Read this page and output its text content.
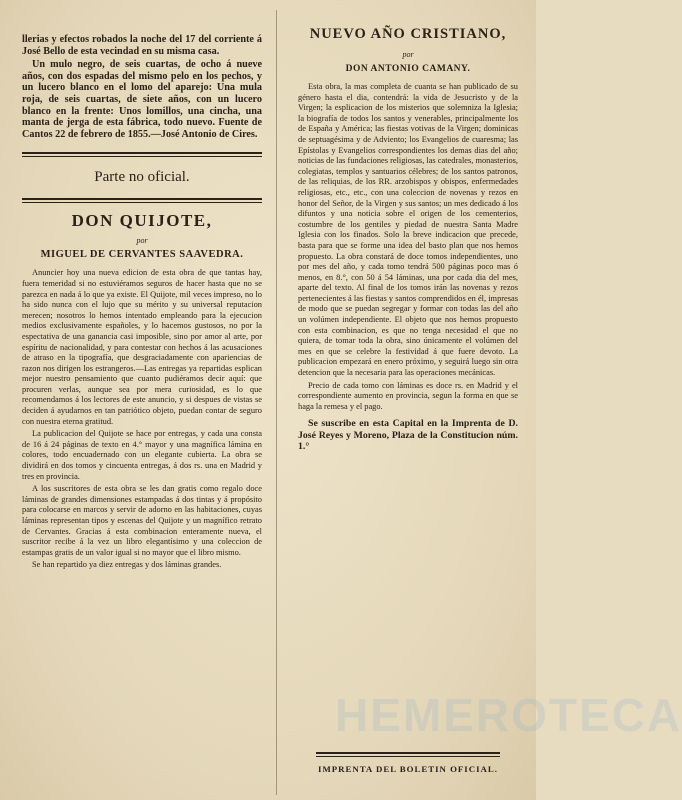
llerias y efectos robados la noche del 17 del corriente á José Bello de esta vecindad en su misma casa.

Un mulo negro, de seis cuartas, de ocho á nueve años, con dos espadas del mismo pelo en los pechos, y un lucero blanco en el lomo del aparejo: Una mula roja, de seis cuartas, de siete años, con un lucero blanco en la frente: Unos lomillos, una cincha, una manta de jerga de esta fábrica, todo nuevo. Fuente de Cantos 22 de febrero de 1855.—José Antonio de Cires.

Parte no oficial.

DON QUIJOTE,

por

MIGUEL DE CERVANTES SAAVEDRA.

Anuncier hoy una nueva edicion de esta obra de que tantas hay, fuera temeridad si no estuviéramos seguros de hacer hasta que no se parezca en nada á lo que ya existe. El Quijote, mil veces impreso, no lo ha sido nunca con el lujo que su mérito y su universal reputacion merecen; nosotros lo hemos intentado empleando para la ejecucion medios exclusivamente españoles, y lo hacemos gustosos, no por la espectativa de una ganancia casi imposible, sino por amor al arte, por espíritu de nacionalidad, y para contestar con hechos á las acusaciones de atraso en la tipografía, que desgraciadamente con apariencias de razon nos dirigen los estrangeros.—Las entregas ya repartidas esplican mejor nuestro pensamiento que cuanto pudiéramos decir aquí: que procuren verlas, aunque sea por mera curiosidad, es lo que recomendamos á los lectores de este anuncio, y si despues de vistas se deciden á ayudarnos en tan patriótico objeto, puedan contar de seguro con nuestra eterna gratitud.

La publicacion del Quijote se hace por entregas, y cada una consta de 16 á 24 páginas de texto en 4.° mayor y una magnífica lámina en colores, todo encuadernado con un elegante cubierta. La obra se dividirá en dos tomos y cincuenta entregas, á dos rs. una en Madrid y tres en provincia.

A los suscritores de esta obra se les dan gratis como regalo doce láminas de grandes dimensiones estampadas á dos tintas y á propósito para colocarse en marcos y servir de adorno en las habitaciones, cuyas láminas representan tipos y escenas del Quijote y un magnífico retrato de Cervantes. Gracias á esta combinacion enteramente nueva, el suscritor recibe á la vez un libro elegantísimo y una coleccion de estampas gratis de un valor igual si no mayor que el libro mismo.

Se han repartido ya diez entregas y dos láminas grandes.

NUEVO AÑO CRISTIANO,

por

DON ANTONIO CAMANY.

Esta obra, la mas completa de cuanta se han publicado de su género hasta el dia, contendrá: la vida de Jesucristo y de la Virgen; la esplicacion de los misterios que solemniza la Iglesia; la biografía de todos los santos y venerables, principalmente los de España y América; las fiestas votivas de la Virgen; dominicas de septuagésima y de Adviento; los Evangelios de cuaresma; las Epístolas y Evangelios correspondientes los demas dias del año; noticias de las fundaciones religiosas, las catedrales, monasterios, colegiatas, templos y santuarios célebres; de los santos patronos, de las reliquias, de los RR. arzobispos y obispos, enfermedades religiosas, etc., etc., con una coleccion de novenas y rezos en honor del Señor, de la Virgen y sus santos; un mes dedicado á los difuntos y una noticia sobre el origen de los cementerios, costumbre de los gentiles y piedad de nuestra Santa Madre Iglesia con los finados. Solo la breve indicacion que precede, basta para que se forme una idea del basto plan que nos hemos propuesto. La obra constará de doce tomos independientes, uno por mes del año, y cada tomo tendrá 500 páginas poco mas ó menos, en 8.°, con 50 á 54 láminas, una por cada dia del mes, aparte del texto. Al final de los tomos irán las novenas y rezos pertenecientes á las fiestas y santos comprendidos en él, impresas de modo que se puedan segregar y formar con todas las del año un volúmen independiente. El objeto que nos hemos propuesto con esta combinacion, es que no tenga necesidad el que no quiera, de tomar toda la obra, sino únicamente el volúmen del mes en que se celebre la festividad á que fuere devoto. La publicacion empezará en enero próximo, y seguirá luego sin otra detencion que la necesaria para las operaciones mecánicas.

Precio de cada tomo con láminas es doce rs. en Madrid y el correspondiente aumento en provincia, segun la forma en que se haga la remesa y el pago.

Se suscribe en esta Capital en la Imprenta de D. José Reyes y Moreno, Plaza de la Constitucion núm. 1.°

IMPRENTA DEL BOLETIN OFICIAL.

HEMEROTECA
